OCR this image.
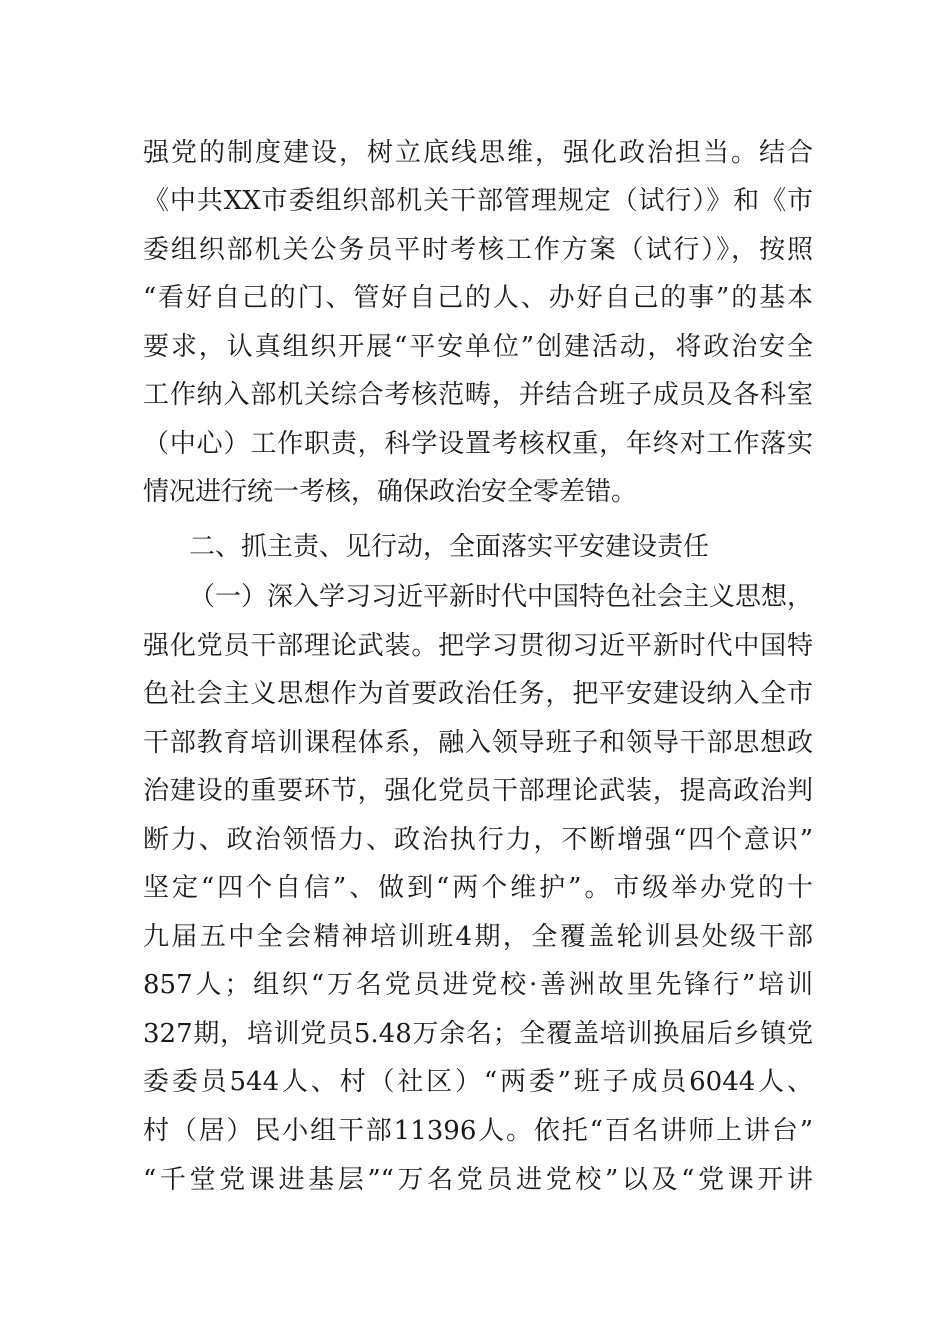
强党的制度建设，树立底线思维，强化政治担当。结合
《中共XX市委组织部机关干部管理规定（试行）》和《市
委组织部机关公务员平时考核工作方案（试行）》，按照
“看好自己的门、管好自己的人、办好自己的事”的基本
要求，认真组织开展“平安单位”创建活动，将政治安全
工作纳入部机关综合考核范畴，并结合班子成员及各科室
（中心）工作职责，科学设置考核权重，年终对工作落实
情况进行统一考核，确保政治安全零差错。
二、抓主责、见行动，全面落实平安建设责任
（一）深入学习习近平新时代中国特色社会主义思想，
强化党员干部理论武装。把学习贯彻习近平新时代中国特
色社会主义思想作为首要政治任务，把平安建设纳入全市
干部教育培训课程体系，融入领导班子和领导干部思想政
治建设的重要环节，强化党员干部理论武装，提高政治判
断力、政治领悟力、政治执行力，不断增强“四个意识”
坚定“四个自信”、做到“两个维护”。市级举办党的十
九届五中全会精神培训班4期，全覆盖轮训县处级干部
857人；组织“万名党员进党校·善洲故里先锋行”培训
327期，培训党员5.48万余名；全覆盖培训换届后乡镇党
委委员544人、村（社区）“两委”班子成员6044人、
村（居）民小组干部11396人。依托“百名讲师上讲台”
“千堂党课进基层”“万名党员进党校”以及“党课开讲
